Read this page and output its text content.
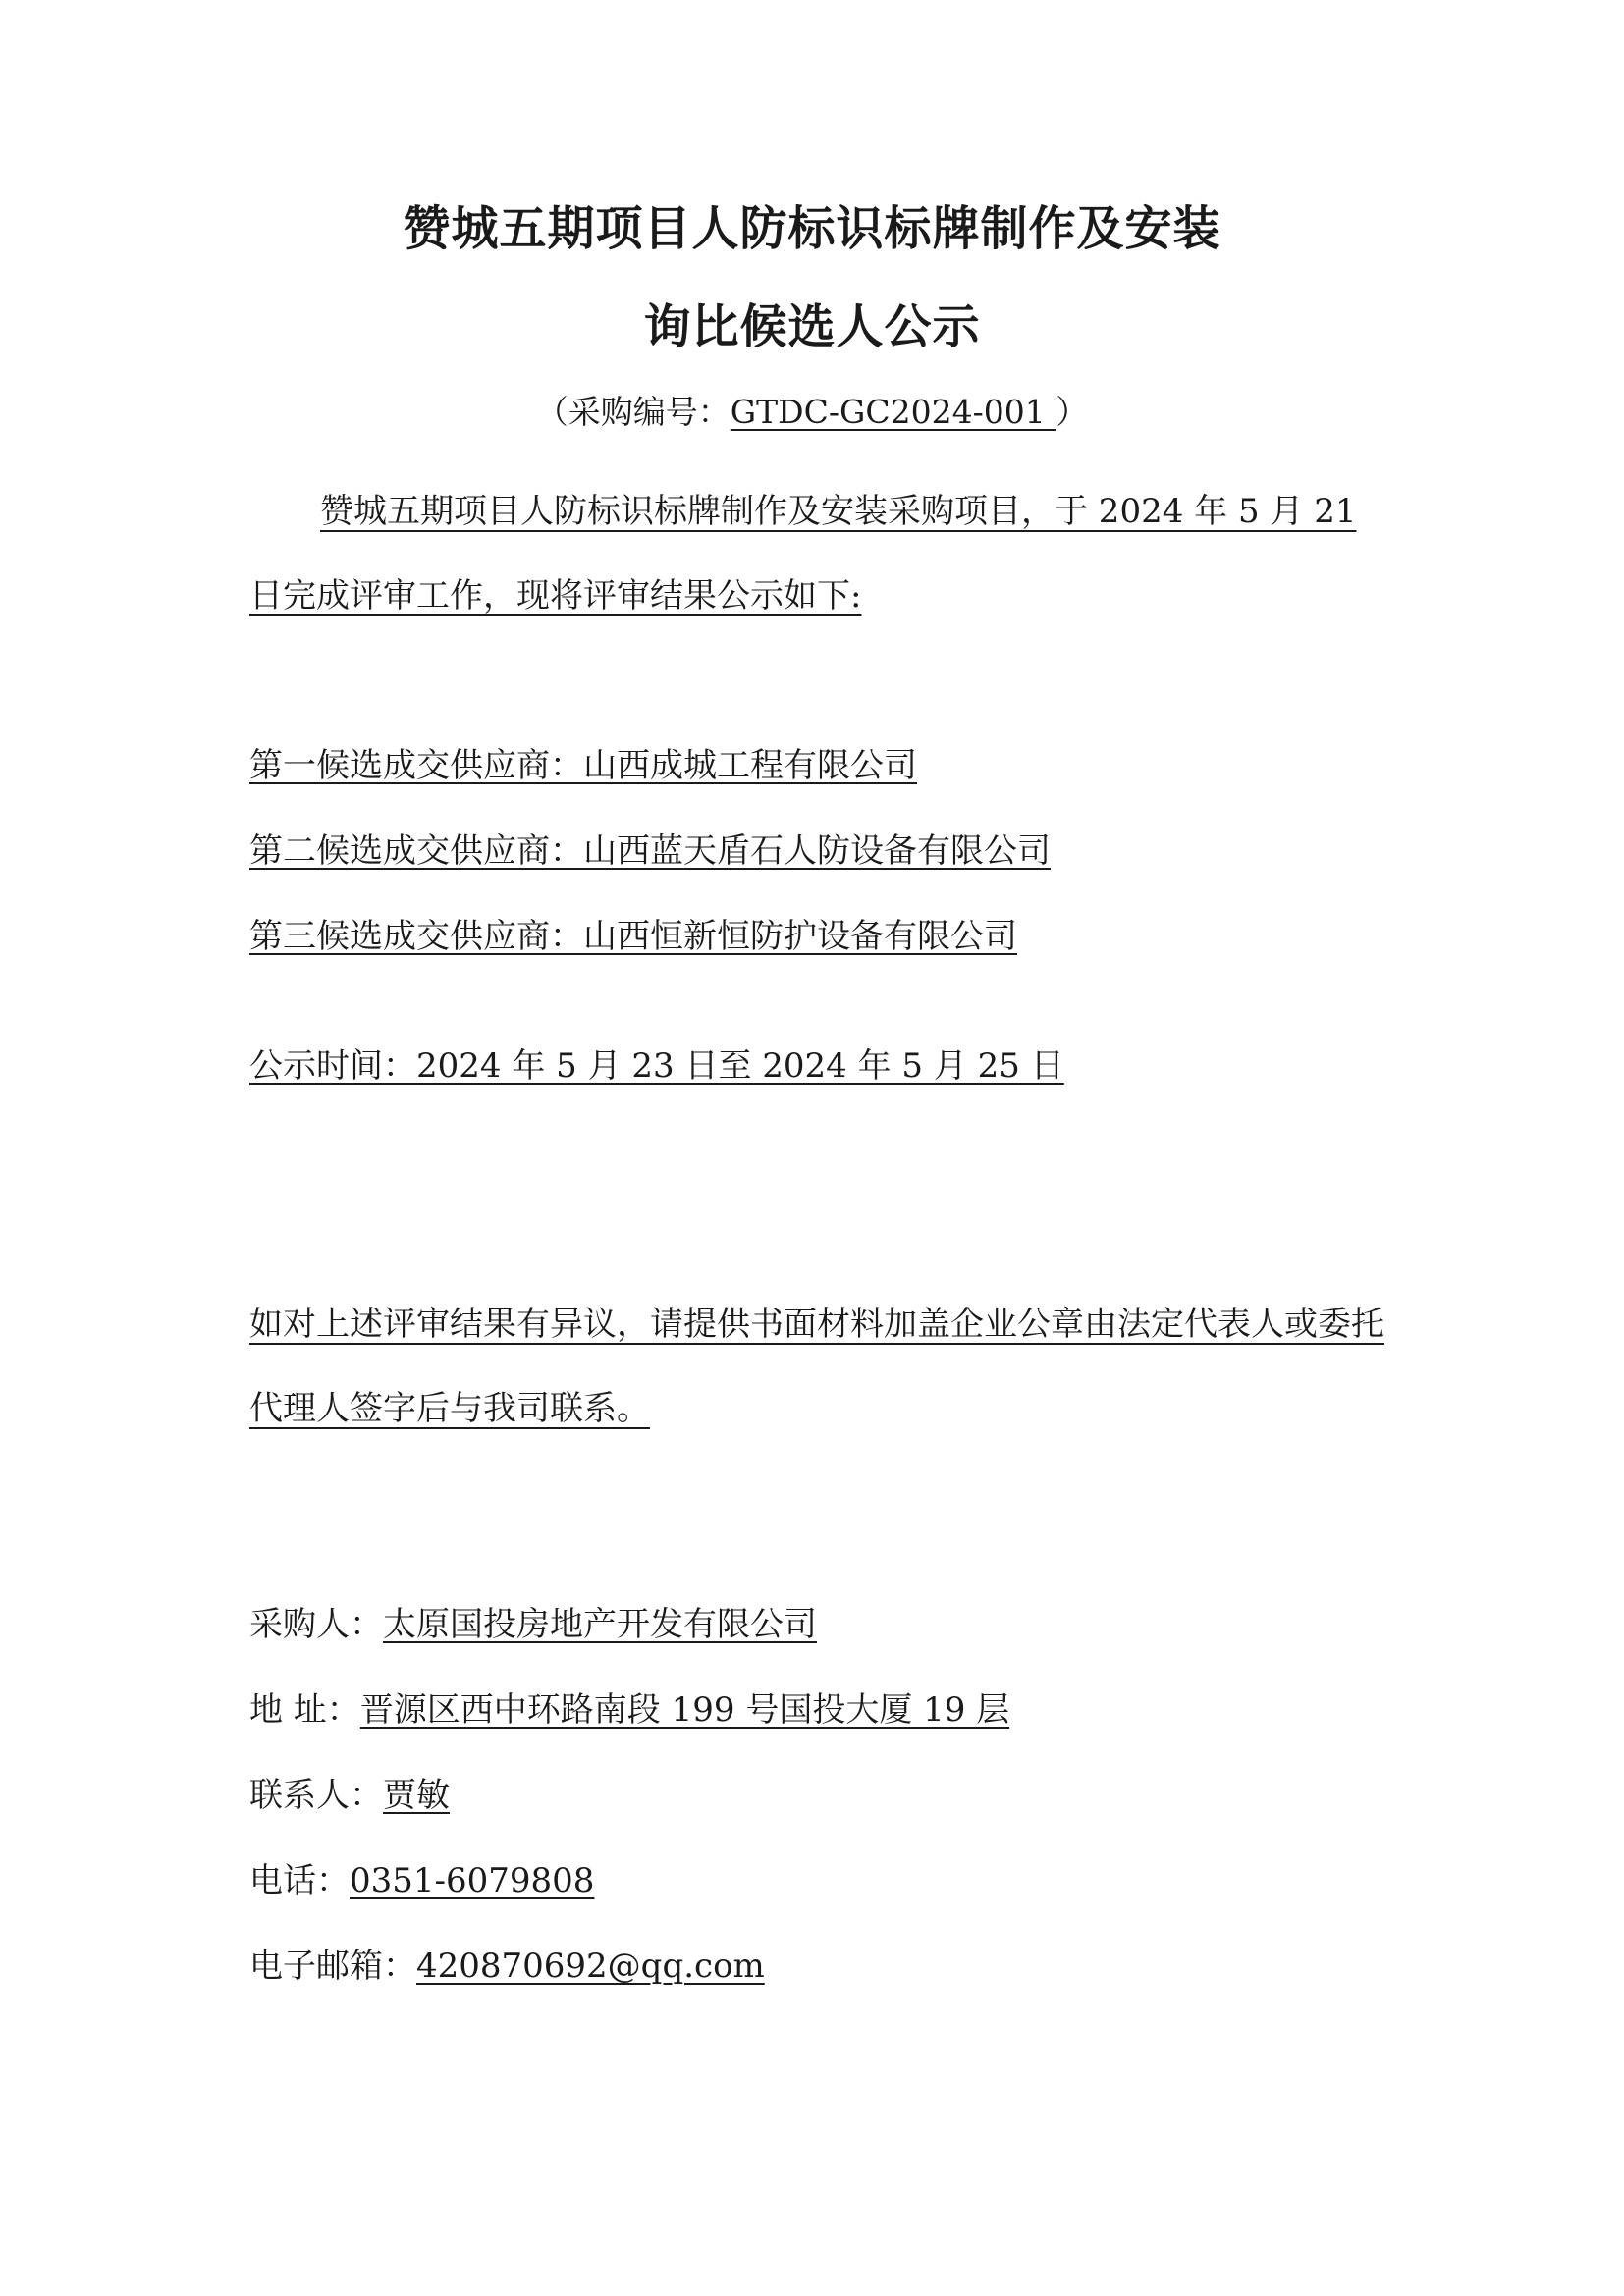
赞城五期项目人防标识标牌制作及安装
询比候选人公示
（采购编号：GTDC-GC2024-001 ）
赞城五期项目人防标识标牌制作及安装采购项目，于 2024 年 5 月 21 日完成评审工作，现将评审结果公示如下:
第一候选成交供应商：山西成城工程有限公司
第二候选成交供应商：山西蓝天盾石人防设备有限公司
第三候选成交供应商：山西恒新恒防护设备有限公司
公示时间：2024 年 5 月 23 日至 2024 年 5 月 25 日
如对上述评审结果有异议，请提供书面材料加盖企业公章由法定代表人或委托代理人签字后与我司联系。
采购人：太原国投房地产开发有限公司
地 址：晋源区西中环路南段 199 号国投大厦 19 层
联系人：贾敏
电话：0351-6079808
电子邮箱：420870692@qq.com
